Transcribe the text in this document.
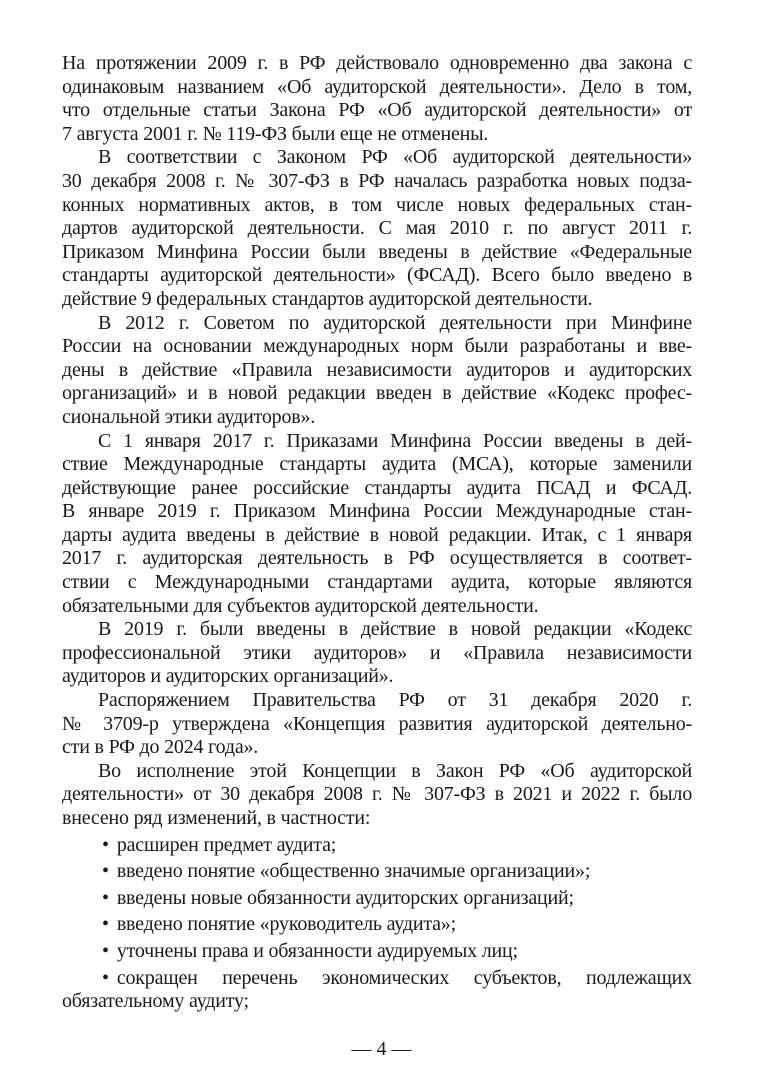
На протяжении 2009 г. в РФ действовало одновременно два закона с
одинаковым названием «Об аудиторской деятельности». Дело в том,
что отдельные статьи Закона РФ «Об аудиторской деятельности» от
7 августа 2001 г. № 119-ФЗ были еще не отменены.
В соответствии с Законом РФ «Об аудиторской деятельности»
30 декабря 2008 г. № 307-ФЗ в РФ началась разработка новых подза-
конных нормативных актов, в том числе новых федеральных стан-
дартов аудиторской деятельности. С мая 2010 г. по август 2011 г.
Приказом Минфина России были введены в действие «Федеральные
стандарты аудиторской деятельности» (ФСАД). Всего было введено в
действие 9 федеральных стандартов аудиторской деятельности.
В 2012 г. Советом по аудиторской деятельности при Минфине
России на основании международных норм были разработаны и вве-
дены в действие «Правила независимости аудиторов и аудиторских
организаций» и в новой редакции введен в действие «Кодекс профес-
сиональной этики аудиторов».
С 1 января 2017 г. Приказами Минфина России введены в дей-
ствие Международные стандарты аудита (МСА), которые заменили
действующие ранее российские стандарты аудита ПСАД и ФСАД.
В январе 2019 г. Приказом Минфина России Международные стан-
дарты аудита введены в действие в новой редакции. Итак, с 1 января
2017 г. аудиторская деятельность в РФ осуществляется в соответ-
ствии с Международными стандартами аудита, которые являются
обязательными для субъектов аудиторской деятельности.
В 2019 г. были введены в действие в новой редакции «Кодекс
профессиональной этики аудиторов» и «Правила независимости
аудиторов и аудиторских организаций».
Распоряжением Правительства РФ от 31 декабря 2020 г.
№ 3709-р утверждена «Концепция развития аудиторской деятельно-
сти в РФ до 2024 года».
Во исполнение этой Концепции в Закон РФ «Об аудиторской
деятельности» от 30 декабря 2008 г. № 307-ФЗ в 2021 и 2022 г. было
внесено ряд изменений, в частности:
• расширен предмет аудита;
• введено понятие «общественно значимые организации»;
• введены новые обязанности аудиторских организаций;
• введено понятие «руководитель аудита»;
• уточнены права и обязанности аудируемых лиц;
• сокращен перечень экономических субъектов, подлежащих
обязательному аудиту;
— 4 —
